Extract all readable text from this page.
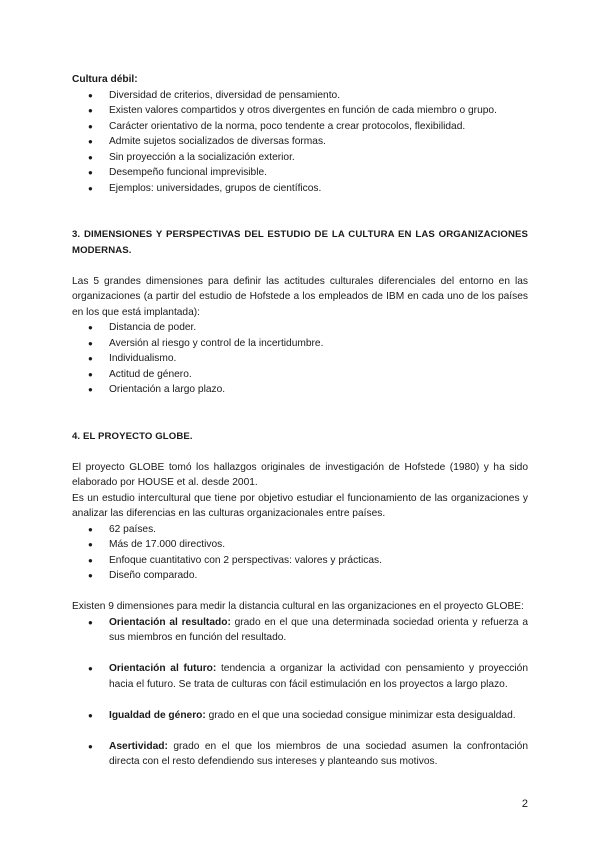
Cultura débil:

● Diversidad de criterios, diversidad de pensamiento.
● Existen valores compartidos y otros divergentes en función de cada miembro o grupo.
● Carácter orientativo de la norma, poco tendente a crear protocolos, flexibilidad.
● Admite sujetos socializados de diversas formas.
● Sin proyección a la socialización exterior.
● Desempeño funcional imprevisible.
● Ejemplos: universidades, grupos de científicos.

3. DIMENSIONES Y PERSPECTIVAS DEL ESTUDIO DE LA CULTURA EN LAS ORGANIZACIONES MODERNAS.

Las 5 grandes dimensiones para definir las actitudes culturales diferenciales del entorno en las organizaciones (a partir del estudio de Hofstede a los empleados de IBM en cada uno de los países en los que está implantada):

● Distancia de poder.
● Aversión al riesgo y control de la incertidumbre.
● Individualismo.
● Actitud de género.
● Orientación a largo plazo.

4. EL PROYECTO GLOBE.

El proyecto GLOBE tomó los hallazgos originales de investigación de Hofstede (1980) y ha sido elaborado por HOUSE et al. desde 2001.

Es un estudio intercultural que tiene por objetivo estudiar el funcionamiento de las organizaciones y analizar las diferencias en las culturas organizacionales entre países.

● 62 países.
● Más de 17.000 directivos.
● Enfoque cuantitativo con 2 perspectivas: valores y prácticas.
● Diseño comparado.

Existen 9 dimensiones para medir la distancia cultural en las organizaciones en el proyecto GLOBE:

● Orientación al resultado: grado en el que una determinada sociedad orienta y refuerza a sus miembros en función del resultado.
● Orientación al futuro: tendencia a organizar la actividad con pensamiento y proyección hacia el futuro. Se trata de culturas con fácil estimulación en los proyectos a largo plazo.
● Igualdad de género: grado en el que una sociedad consigue minimizar esta desigualdad.
● Asertividad: grado en el que los miembros de una sociedad asumen la confrontación directa con el resto defendiendo sus intereses y planteando sus motivos.
2
